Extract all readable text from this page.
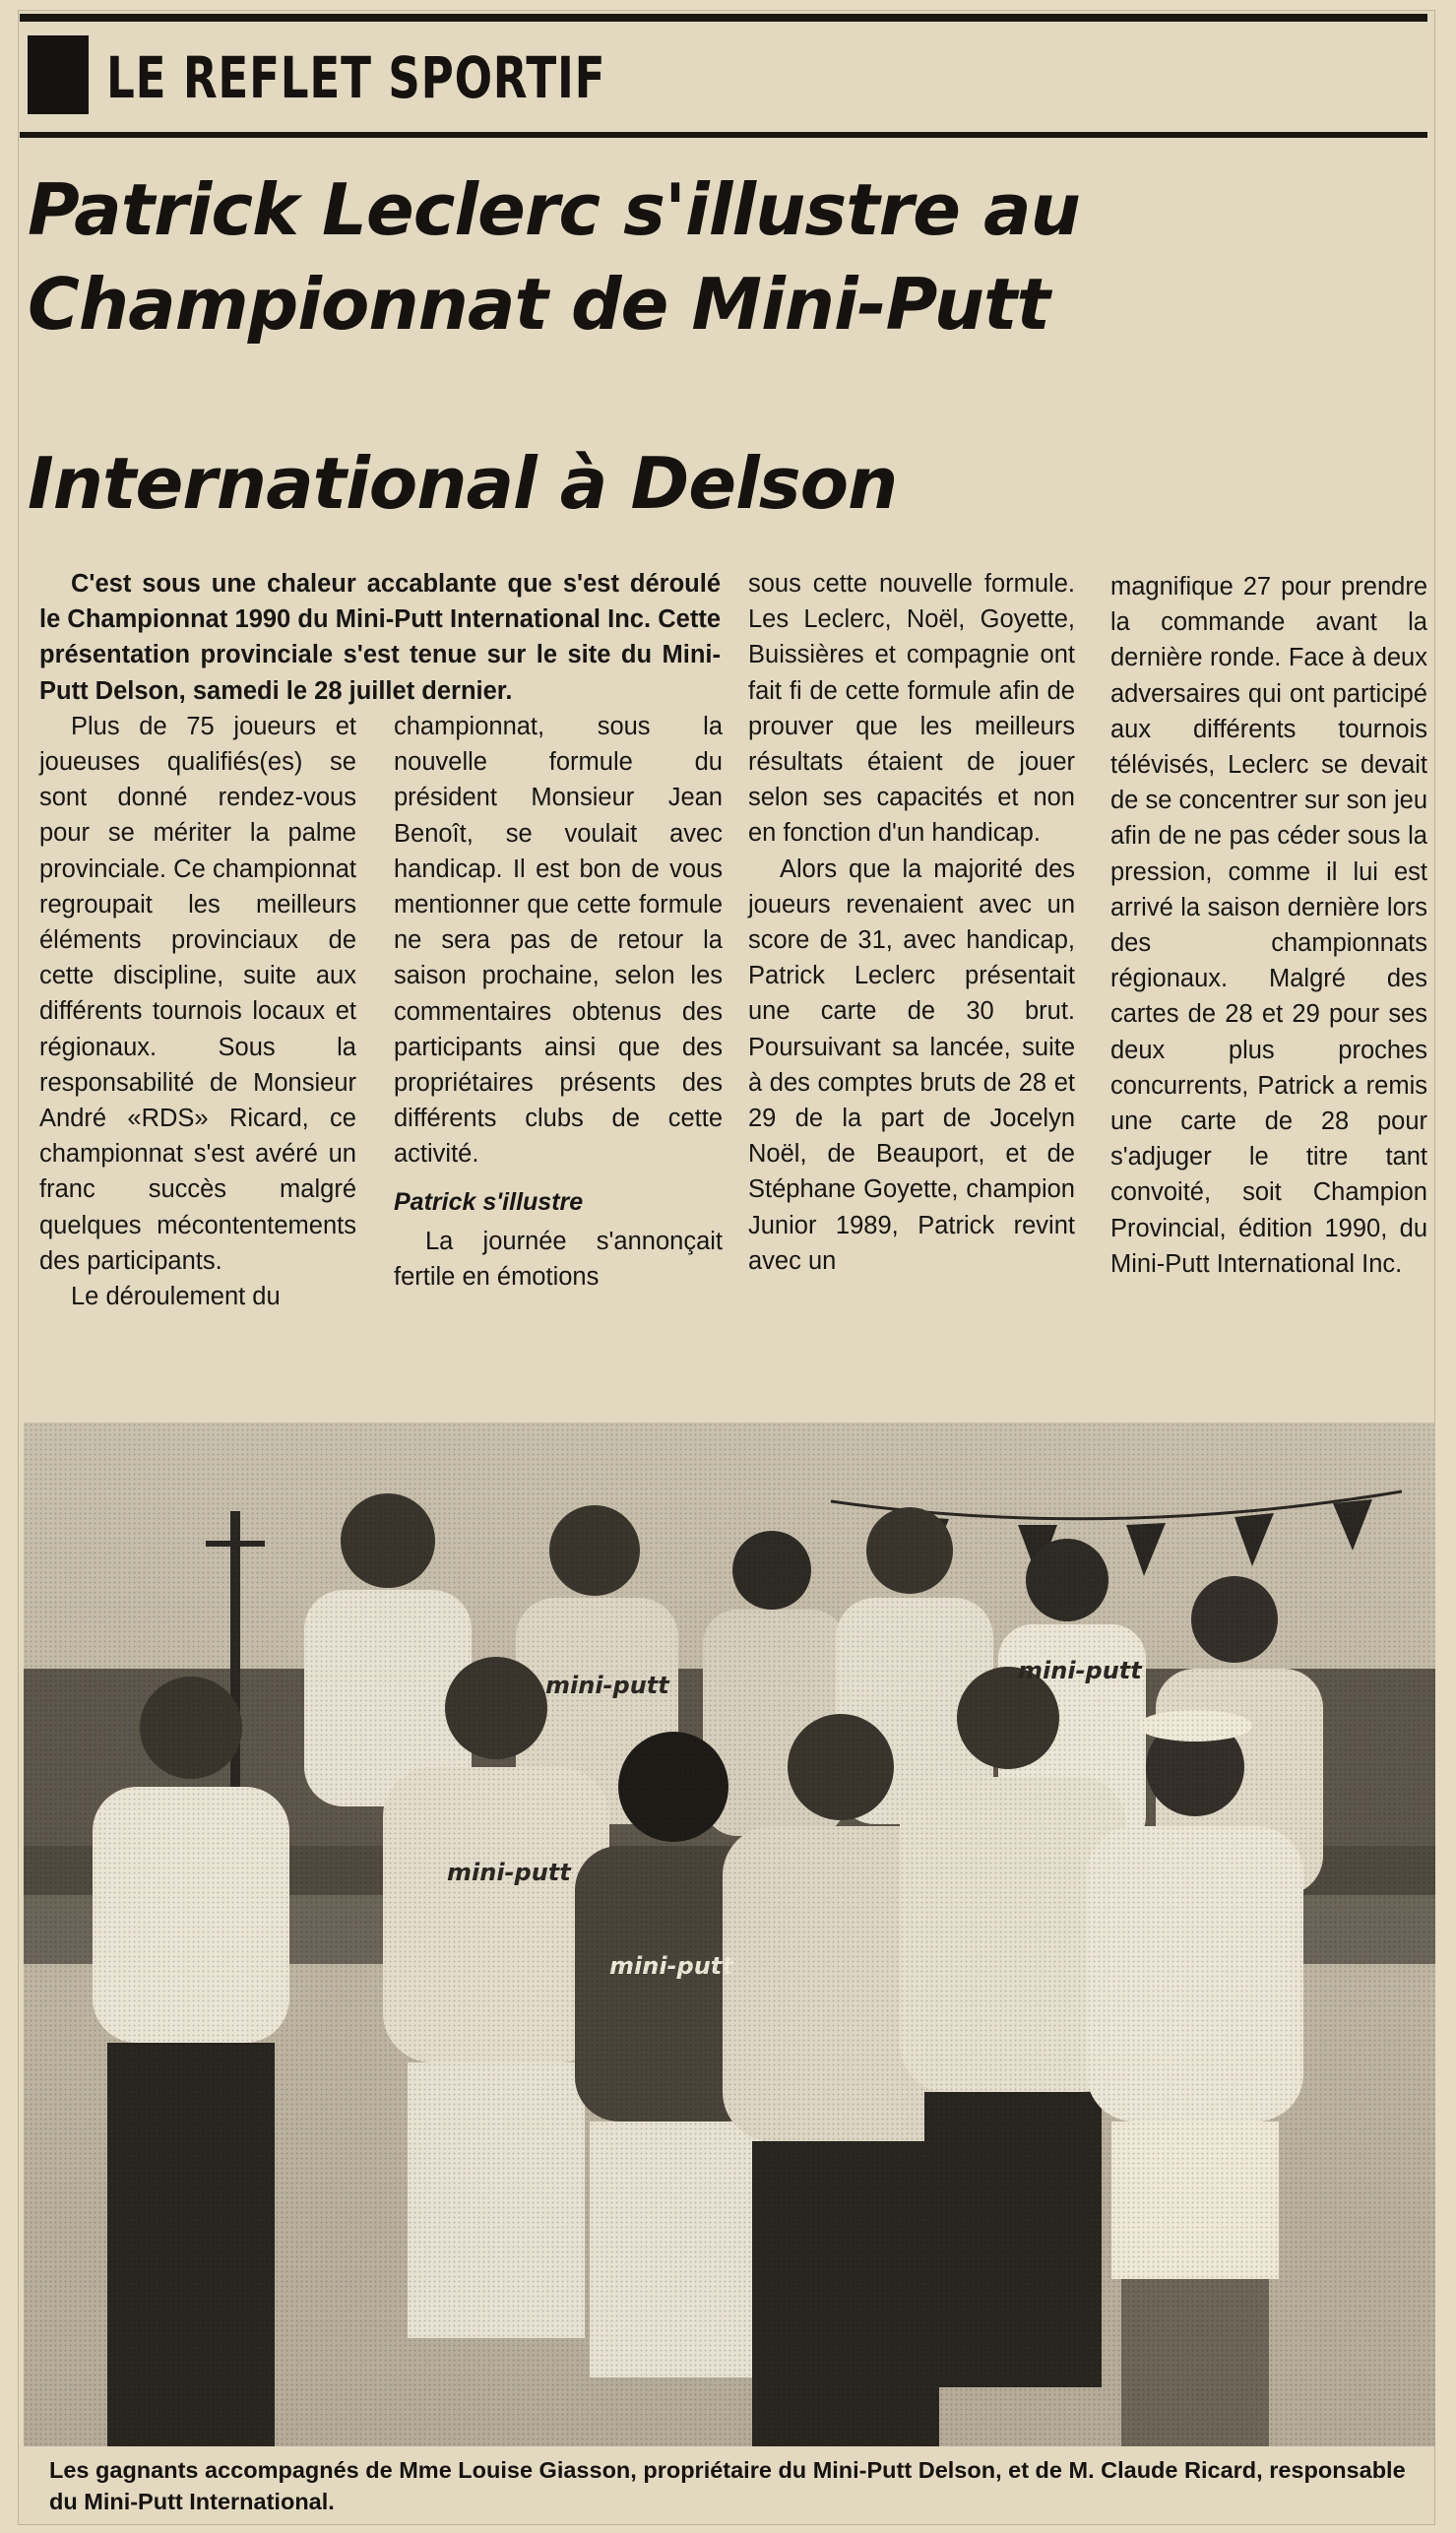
LE REFLET SPORTIF
Patrick Leclerc s'illustre au
Championnat de Mini-Putt
International à Delson

C'est sous une chaleur accablante que s'est déroulé le Championnat 1990 du Mini-Putt International Inc. Cette présentation provinciale s'est tenue sur le site du Mini-Putt Delson, samedi le 28 juillet dernier.

Plus de 75 joueurs et joueuses qualifiés(es) se sont donné rendez-vous pour se mériter la palme provinciale. Ce championnat regroupait les meilleurs éléments provinciaux de cette discipline, suite aux différents tournois locaux et régionaux. Sous la responsabilité de Monsieur André «RDS» Ricard, ce championnat s'est avéré un franc succès malgré quelques mécontentements des participants.

Le déroulement du

championnat, sous la nouvelle formule du président Monsieur Jean Benoît, se voulait avec handicap. Il est bon de vous mentionner que cette formule ne sera pas de retour la saison prochaine, selon les commentaires obtenus des participants ainsi que des propriétaires présents des différents clubs de cette activité.

Patrick s'illustre

La journée s'annonçait fertile en émotions

sous cette nouvelle formule. Les Leclerc, Noël, Goyette, Buissières et compagnie ont fait fi de cette formule afin de prouver que les meilleurs résultats étaient de jouer selon ses capacités et non en fonction d'un handicap.

Alors que la majorité des joueurs revenaient avec un score de 31, avec handicap, Patrick Leclerc présentait une carte de 30 brut. Poursuivant sa lancée, suite à des comptes bruts de 28 et 29 de la part de Jocelyn Noël, de Beauport, et de Stéphane Goyette, champion Junior 1989, Patrick revint avec un

magnifique 27 pour prendre la commande avant la dernière ronde. Face à deux adversaires qui ont participé aux différents tournois télévisés, Leclerc se devait de se concentrer sur son jeu afin de ne pas céder sous la pression, comme il lui est arrivé la saison dernière lors des championnats régionaux. Malgré des cartes de 28 et 29 pour ses deux plus proches concurrents, Patrick a remis une carte de 28 pour s'adjuger le titre tant convoité, soit Champion Provincial, édition 1990, du Mini-Putt International Inc.

Les gagnants accompagnés de Mme Louise Giasson, propriétaire du Mini-Putt Delson, et de M. Claude Ricard, responsable du Mini-Putt International.
